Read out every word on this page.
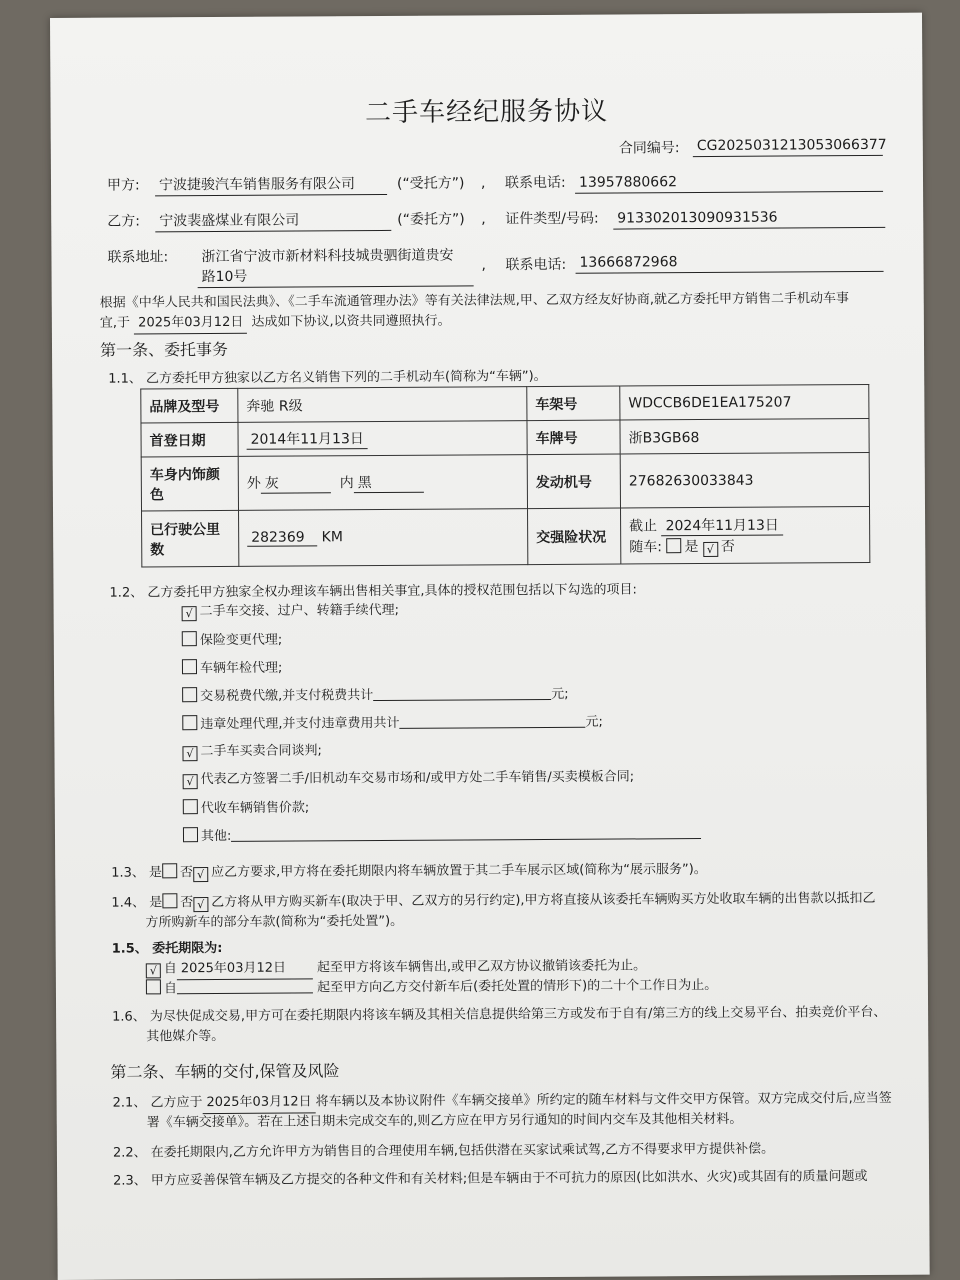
二手车经纪服务协议
合同编号: CG2025031213053066377
甲方: 宁波捷骏汽车销售服务有限公司	(“受托方”) , 联系电话: 13957880662
乙方: 宁波裴盛煤业有限公司	(“委托方”) , 证件类型/号码: 913302013090931536
联系地址: 浙江省宁波市新材料科技城贵驷街道贵安
路10号
, 联系电话: 13666872968
根据《中华人民共和国民法典》、《二手车流通管理办法》等有关法律法规,甲、乙双方经友好协商,就乙方委托甲方销售二手机动车事
宜,于 2025年03月12日 达成如下协议,以资共同遵照执行。
第一条、委托事务
1.1、 乙方委托甲方独家以乙方名义销售下列的二手机动车(简称为“车辆”)。
品牌及型号	奔驰 R级	车架号	WDCCB6DE1EA175207
首登日期	2014年11月13日	车牌号	浙B3GB68
车身内饰颜色	外 灰 内 黑	发动机号	27682630033843
已行驶公里数	282369 KM	交强险状况	截止 2024年11月13日
随车: 是 √ 否
1.2、 乙方委托甲方独家全权办理该车辆出售相关事宜,具体的授权范围包括以下勾选的项目:
√ 二手车交接、过户、转籍手续代理;
保险变更代理;
车辆年检代理;
交易税费代缴,并支付税费共计	元;
违章处理代理,并支付违章费用共计	元;
√ 二手车买卖合同谈判;
√ 代表乙方签署二手/旧机动车交易市场和/或甲方处二手车销售/买卖模板合同;
代收车辆销售价款;
其他:
1.3、 是 否 √ 应乙方要求,甲方将在委托期限内将车辆放置于其二手车展示区域(简称为“展示服务”)。
1.4、 是 否 √ 乙方将从甲方购买新车(取决于甲、乙双方的另行约定),甲方将直接从该委托车辆购买方处收取车辆的出售款以抵扣乙
方所购新车的部分车款(简称为“委托处置”)。
1.5、 委托期限为:
√ 自 2025年03月12日 起至甲方将该车辆售出,或甲乙双方协议撤销该委托为止。
自	起至甲方向乙方交付新车后(委托处置的情形下)的二十个工作日为止。
1.6、 为尽快促成交易,甲方可在委托期限内将该车辆及其相关信息提供给第三方或发布于自有/第三方的线上交易平台、拍卖竞价平台、
其他媒介等。
第二条、车辆的交付,保管及风险
2.1、 乙方应于 2025年03月12日 将车辆以及本协议附件《车辆交接单》所约定的随车材料与文件交甲方保管。双方完成交付后,应当签
署《车辆交接单》。若在上述日期未完成交车的,则乙方应在甲方另行通知的时间内交车及其他相关材料。
2.2、 在委托期限内,乙方允许甲方为销售目的合理使用车辆,包括供潜在买家试乘试驾,乙方不得要求甲方提供补偿。
2.3、 甲方应妥善保管车辆及乙方提交的各种文件和有关材料;但是车辆由于不可抗力的原因(比如洪水、火灾)或其固有的质量问题或
